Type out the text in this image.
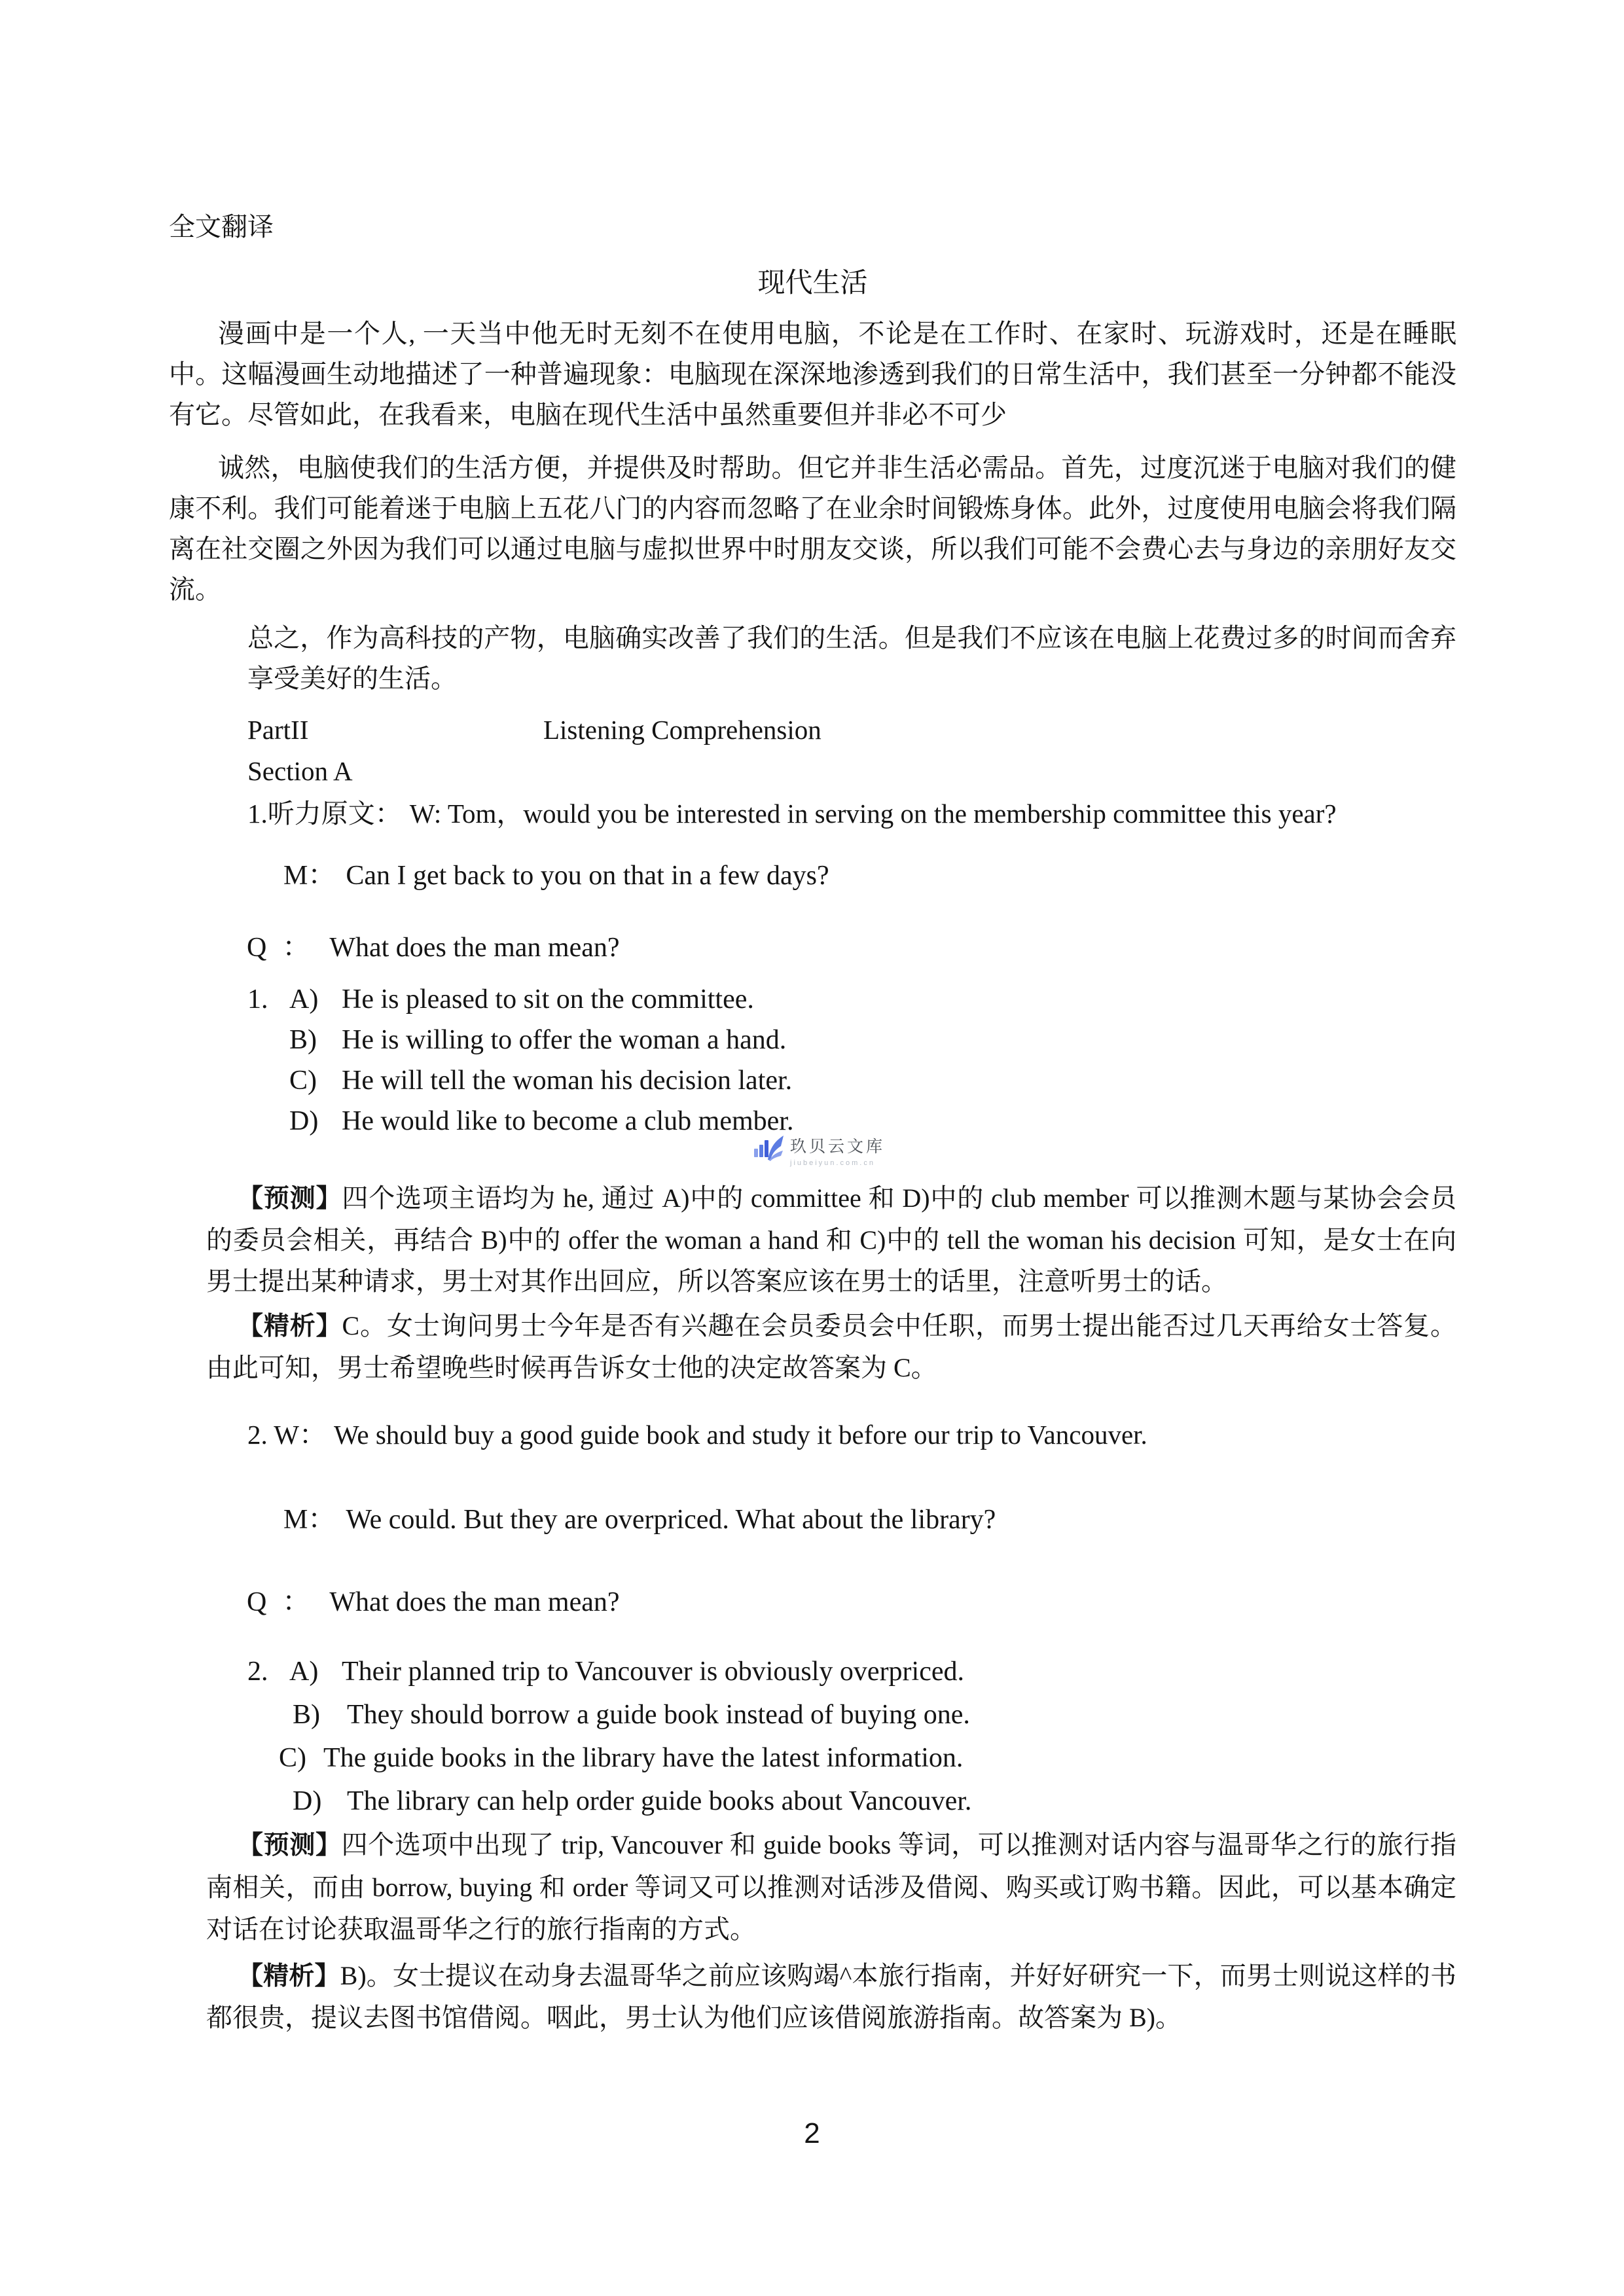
全文翻译
现代生活

漫画中是一个人, 一天当中他无时无刻不在使用电脑，不论是在工作时、在家时、玩游戏时，还是在睡眠中。这幅漫画生动地描述了一种普遍现象：电脑现在深深地渗透到我们的日常生活中，我们甚至一分钟都不能没有它。尽管如此，在我看来，电脑在现代生活中虽然重要但并非必不可少

诚然，电脑使我们的生活方便，并提供及时帮助。但它并非生活必需品。首先，过度沉迷于电脑对我们的健康不利。我们可能着迷于电脑上五花八门的内容而忽略了在业余时间锻炼身体。此外，过度使用电脑会将我们隔离在社交圈之外因为我们可以通过电脑与虚拟世界中时朋友交谈，所以我们可能不会费心去与身边的亲朋好友交流。

总之，作为高科技的产物，电脑确实改善了我们的生活。但是我们不应该在电脑上花费过多的时间而舍弃享受美好的生活。

PartII	Listening Comprehension
Section A
1.听力原文： W: Tom，would you be interested in serving on the membership committee this year?
M： Can I get back to you on that in a few days?
Q ： What does the man mean?
1. A) He is pleased to sit on the committee.
B) He is willing to offer the woman a hand.
C) He will tell the woman his decision later.
D) He would like to become a club member.
玖贝云文库
jiubeiyun.com.cn

【预测】四个选项主语均为 he, 通过 A)中的 committee 和 D)中的 club member 可以推测木题与某协会会员的委员会相关，再结合 B)中的 offer the woman a hand 和 C)中的 tell the woman his decision 可知，是女士在向男士提出某种请求，男士对其作出回应，所以答案应该在男士的话里，注意听男士的话。

【精析】C。女士询问男士今年是否有兴趣在会员委员会中任职，而男士提出能否过几天再给女士答复。由此可知，男士希望晚些时候再告诉女士他的决定故答案为 C。

2. W： We should buy a good guide book and study it before our trip to Vancouver.
M： We could. But they are overpriced. What about the library?
Q ： What does the man mean?
2. A) Their planned trip to Vancouver is obviously overpriced.
B) They should borrow a guide book instead of buying one.
C) The guide books in the library have the latest information.
D) The library can help order guide books about Vancouver.

【预测】四个选项中出现了 trip, Vancouver 和 guide books 等词，可以推测对话内容与温哥华之行的旅行指南相关，而由 borrow, buying 和 order 等词又可以推测对话涉及借阅、购买或订购书籍。因此，可以基本确定对话在讨论获取温哥华之行的旅行指南的方式。

【精析】B)。女士提议在动身去温哥华之前应该购竭^本旅行指南，并好好研究一下，而男士则说这样的书都很贵，提议去图书馆借阅。咽此，男士认为他们应该借阅旅游指南。故答案为 B)。

2
